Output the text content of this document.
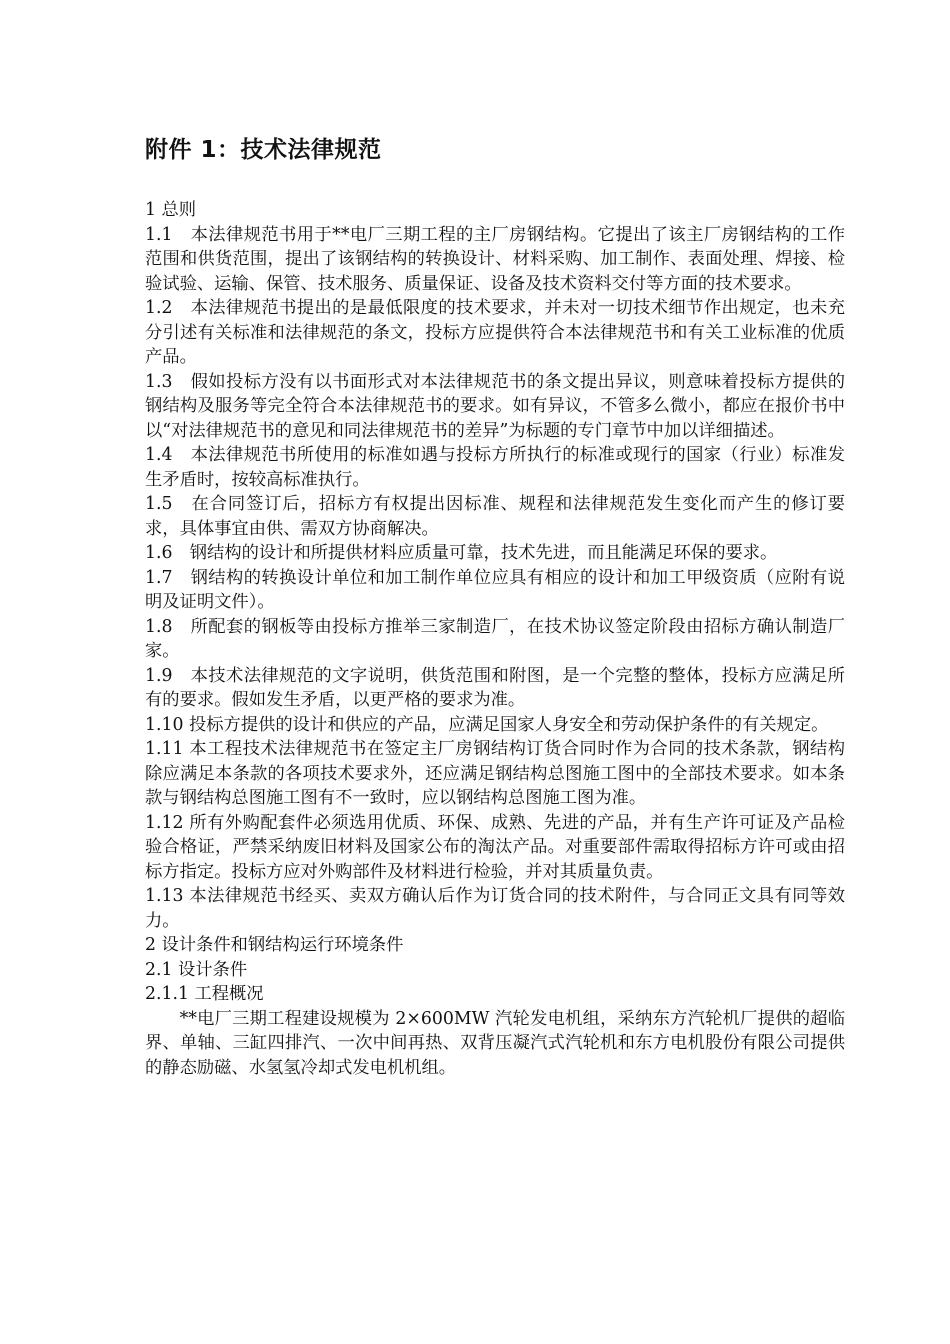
附件 1：技术法律规范

1 总则

1.1　本法律规范书用于**电厂三期工程的主厂房钢结构。它提出了该主厂房钢结构的工作范围和供货范围，提出了该钢结构的转换设计、材料采购、加工制作、表面处理、焊接、检验试验、运输、保管、技术服务、质量保证、设备及技术资料交付等方面的技术要求。

1.2　本法律规范书提出的是最低限度的技术要求，并未对一切技术细节作出规定，也未充分引述有关标准和法律规范的条文，投标方应提供符合本法律规范书和有关工业标准的优质产品。

1.3　假如投标方没有以书面形式对本法律规范书的条文提出异议，则意味着投标方提供的钢结构及服务等完全符合本法律规范书的要求。如有异议，不管多么微小，都应在报价书中以“对法律规范书的意见和同法律规范书的差异”为标题的专门章节中加以详细描述。

1.4　本法律规范书所使用的标准如遇与投标方所执行的标准或现行的国家（行业）标准发生矛盾时，按较高标准执行。

1.5　在合同签订后，招标方有权提出因标准、规程和法律规范发生变化而产生的修订要求，具体事宜由供、需双方协商解决。

1.6　钢结构的设计和所提供材料应质量可靠，技术先进，而且能满足环保的要求。

1.7　钢结构的转换设计单位和加工制作单位应具有相应的设计和加工甲级资质（应附有说明及证明文件）。

1.8　所配套的钢板等由投标方推举三家制造厂，在技术协议签定阶段由招标方确认制造厂家。

1.9　本技术法律规范的文字说明，供货范围和附图，是一个完整的整体，投标方应满足所有的要求。假如发生矛盾，以更严格的要求为准。

1.10 投标方提供的设计和供应的产品，应满足国家人身安全和劳动保护条件的有关规定。

1.11 本工程技术法律规范书在签定主厂房钢结构订货合同时作为合同的技术条款，钢结构除应满足本条款的各项技术要求外，还应满足钢结构总图施工图中的全部技术要求。如本条款与钢结构总图施工图有不一致时，应以钢结构总图施工图为准。

1.12 所有外购配套件必须选用优质、环保、成熟、先进的产品，并有生产许可证及产品检验合格证，严禁采纳废旧材料及国家公布的淘汰产品。对重要部件需取得招标方许可或由招标方指定。投标方应对外购部件及材料进行检验，并对其质量负责。

1.13 本法律规范书经买、卖双方确认后作为订货合同的技术附件，与合同正文具有同等效力。

2 设计条件和钢结构运行环境条件

2.1 设计条件

2.1.1 工程概况

**电厂三期工程建设规模为 2×600MW 汽轮发电机组，采纳东方汽轮机厂提供的超临界、单轴、三缸四排汽、一次中间再热、双背压凝汽式汽轮机和东方电机股份有限公司提供的静态励磁、水氢氢冷却式发电机机组。
